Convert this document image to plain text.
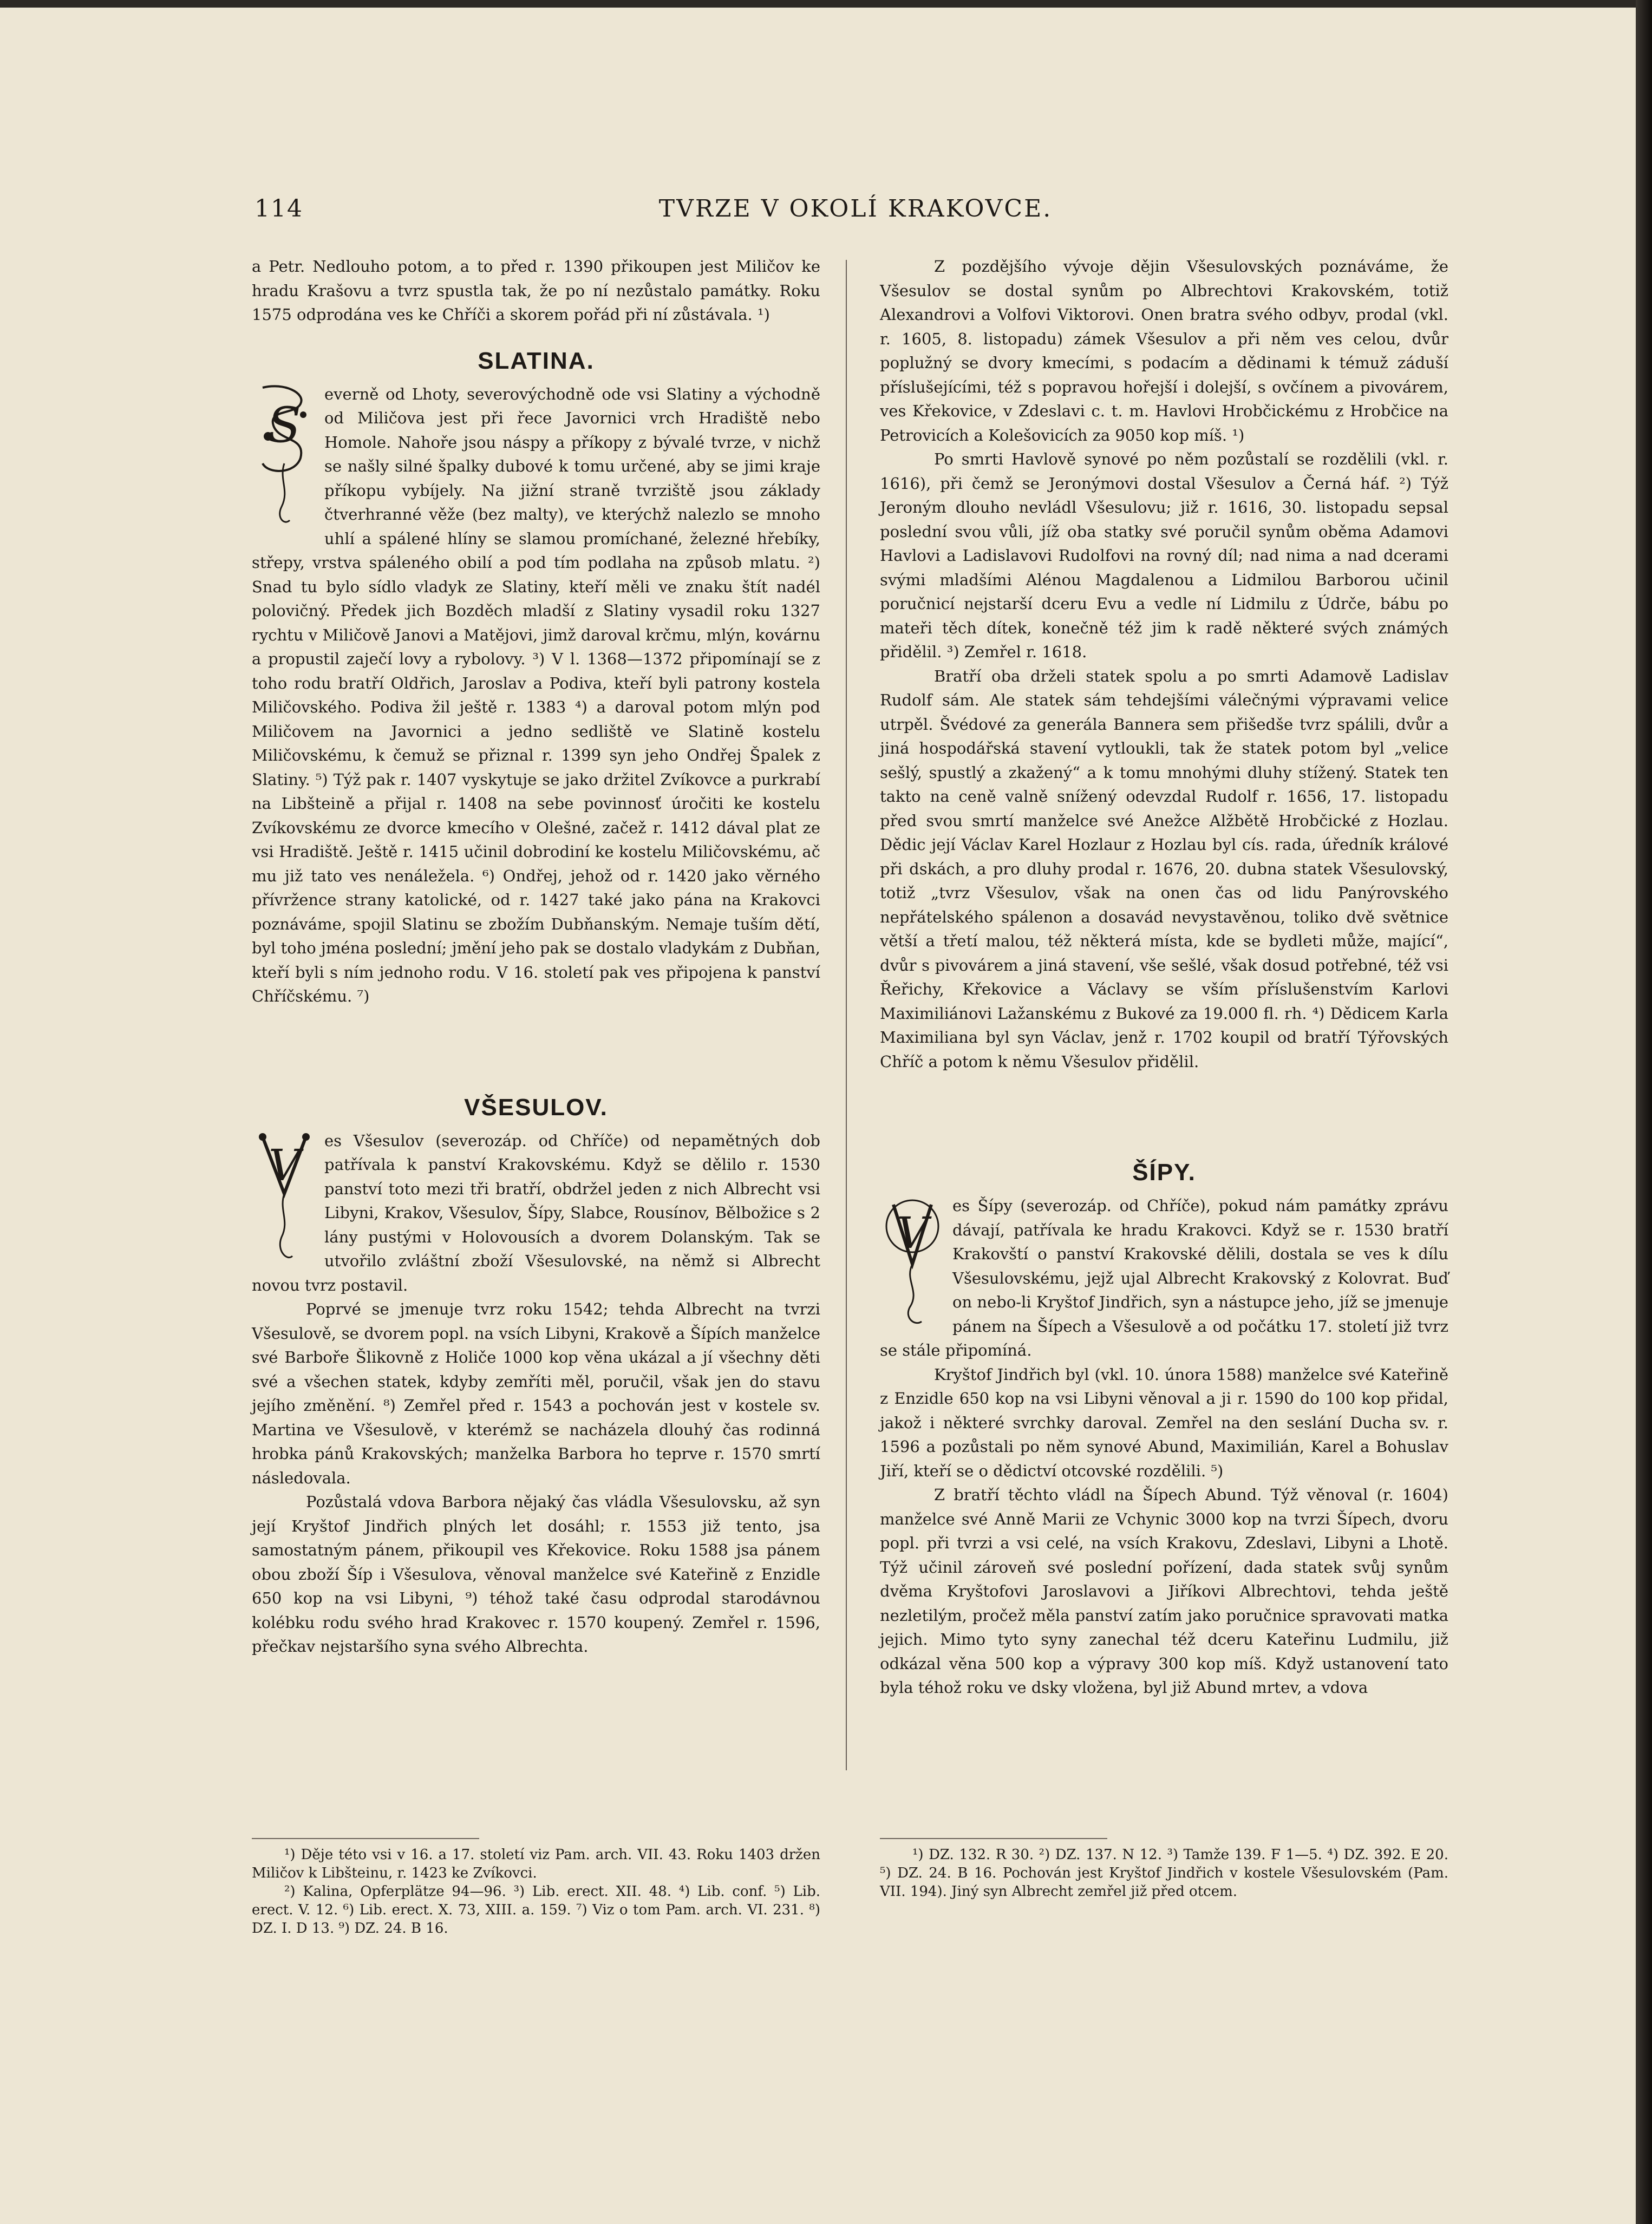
114	TVRZE V OKOLÍ KRAKOVCE.

a Petr. Nedlouho potom, a to před r. 1390 přikoupen jest Miličov ke hradu Krašovu a tvrz spustla tak, že po ní nezůstalo památky. Roku 1575 odprodána ves ke Chříči a skorem pořád při ní zůstávala. ¹)

SLATINA.
S

everně od Lhoty, severovýchodně ode vsi Slatiny a východně od Miličova jest při řece Javornici vrch Hradiště nebo Homole. Nahoře jsou náspy a příkopy z bývalé tvrze, v nichž se našly silné špalky dubové k tomu určené, aby se jimi kraje příkopu vybíjely. Na jižní straně tvrziště jsou základy čtverhranné věže (bez malty), ve kterýchž nalezlo se mnoho uhlí a spálené hlíny se slamou promíchané, železné hřebíky, střepy, vrstva spáleného obilí a pod tím podlaha na způsob mlatu. ²) Snad tu bylo sídlo vladyk ze Slatiny, kteří měli ve znaku štít nadél polovičný. Předek jich Bozděch mladší z Slatiny vysadil roku 1327 rychtu v Miličově Janovi a Matějovi, jimž daroval krčmu, mlýn, kovárnu a propustil zaječí lovy a rybolovy. ³) V l. 1368—1372 připomínají se z toho rodu bratří Oldřich, Jaroslav a Podiva, kteří byli patrony kostela Miličovského. Podiva žil ještě r. 1383 ⁴) a daroval potom mlýn pod Miličovem na Javornici a jedno sedliště ve Slatině kostelu Miličovskému, k čemuž se přiznal r. 1399 syn jeho Ondřej Špalek z Slatiny. ⁵) Týž pak r. 1407 vyskytuje se jako držitel Zvíkovce a purkrabí na Libšteině a přijal r. 1408 na sebe povinnosť úročiti ke kostelu Zvíkovskému ze dvorce kmecího v Olešné, začež r. 1412 dával plat ze vsi Hradiště. Ještě r. 1415 učinil dobrodiní ke kostelu Miličovskému, ač mu již tato ves nenáležela. ⁶) Ondřej, jehož od r. 1420 jako věrného přívržence strany katolické, od r. 1427 také jako pána na Krakovci poznáváme, spojil Slatinu se zbožím Dubňanským. Nemaje tuším dětí, byl toho jména poslední; jmění jeho pak se dostalo vladykám z Dubňan, kteří byli s ním jednoho rodu. V 16. století pak ves připojena k panství Chříčskému. ⁷)

VŠESULOV.
V	es Všesulov (severozáp. od Chříče) od nepamětných dob patřívala k panství Krakovskému. Když se dělilo r. 1530 panství toto mezi tři bratří, obdržel jeden z nich Albrecht vsi Libyni, Krakov, Všesulov, Šípy, Slabce, Rousínov, Bělbožice s 2 lány pustými v Holovousích a dvorem Dolanským. Tak se utvořilo zvláštní zboží Všesulovské, na němž si Albrecht novou tvrz postavil.

Poprvé se jmenuje tvrz roku 1542; tehda Albrecht na tvrzi Všesulově, se dvorem popl. na vsích Libyni, Krakově a Šípích manželce své Barboře Šlikovně z Holiče 1000 kop věna ukázal a jí všechny děti své a všechen statek, kdyby zemříti měl, poručil, však jen do stavu jejího změnění. ⁸) Zemřel před r. 1543 a pochován jest v kostele sv. Martina ve Všesulově, v kterémž se nacházela dlouhý čas rodinná hrobka pánů Krakovských; manželka Barbora ho teprve r. 1570 smrtí následovala.

Pozůstalá vdova Barbora nějaký čas vládla Všesulovsku, až syn její Kryštof Jindřich plných let dosáhl; r. 1553 již tento, jsa samostatným pánem, přikoupil ves Křekovice. Roku 1588 jsa pánem obou zboží Šíp i Všesulova, věnoval manželce své Kateřině z Enzidle 650 kop na vsi Libyni, ⁹) téhož také času odprodal starodávnou kolébku rodu svého hrad Krakovec r. 1570 koupený. Zemřel r. 1596, přečkav nejstaršího syna svého Albrechta.

Z pozdějšího vývoje dějin Všesulovských poznáváme, že Všesulov se dostal synům po Albrechtovi Krakovském, totiž Alexandrovi a Volfovi Viktorovi. Onen bratra svého odbyv, prodal (vkl. r. 1605, 8. listopadu) zámek Všesulov a při něm ves celou, dvůr poplužný se dvory kmecími, s podacím a dědinami k témuž záduší příslušejícími, též s popravou hořejší i dolejší, s ovčínem a pivovárem, ves Křekovice, v Zdeslavi c. t. m. Havlovi Hrobčickému z Hrobčice na Petrovicích a Kolešovicích za 9050 kop míš. ¹)

Po smrti Havlově synové po něm pozůstalí se rozdělili (vkl. r. 1616), při čemž se Jeronýmovi dostal Všesulov a Černá háf. ²) Týž Jeroným dlouho nevládl Všesulovu; již r. 1616, 30. listopadu sepsal poslední svou vůli, jíž oba statky své poručil synům oběma Adamovi Havlovi a Ladislavovi Rudolfovi na rovný díl; nad nima a nad dcerami svými mladšími Alénou Magdalenou a Lidmilou Barborou učinil poručnicí nejstarší dceru Evu a vedle ní Lidmilu z Údrče, bábu po mateři těch dítek, konečně též jim k radě některé svých známých přidělil. ³) Zemřel r. 1618.

Bratří oba drželi statek spolu a po smrti Adamově Ladislav Rudolf sám. Ale statek sám tehdejšími válečnými výpravami velice utrpěl. Švédové za generála Bannera sem přišedše tvrz spálili, dvůr a jiná hospodářská stavení vytloukli, tak že statek potom byl „velice sešlý, spustlý a zkažený“ a k tomu mnohými dluhy stížený. Statek ten takto na ceně valně snížený odevzdal Rudolf r. 1656, 17. listopadu před svou smrtí manželce své Anežce Alžbětě Hrobčické z Hozlau. Dědic její Václav Karel Hozlaur z Hozlau byl cís. rada, úředník králové při dskách, a pro dluhy prodal r. 1676, 20. dubna statek Všesulovský, totiž „tvrz Všesulov, však na onen čas od lidu Panýrovského nepřátelského spálenon a dosavád nevystavěnou, toliko dvě světnice větší a třetí malou, též některá místa, kde se bydleti může, mající“, dvůr s pivovárem a jiná stavení, vše sešlé, však dosud potřebné, též vsi Řeřichy, Křekovice a Václavy se vším příslušenstvím Karlovi Maximiliánovi Lažanskému z Bukové za 19.000 fl. rh. ⁴) Dědicem Karla Maximiliana byl syn Václav, jenž r. 1702 koupil od bratří Týřovských Chříč a potom k němu Všesulov přidělil.

ŠÍPY.
V

es Šípy (severozáp. od Chříče), pokud nám památky zprávu dávají, patřívala ke hradu Krakovci. Když se r. 1530 bratří Krakovští o panství Krakovské dělili, dostala se ves k dílu Všesulovskému, jejž ujal Albrecht Krakovský z Kolovrat. Buď on nebo-li Kryštof Jindřich, syn a nástupce jeho, jíž se jmenuje pánem na Šípech a Všesulově a od počátku 17. století již tvrz se stále připomíná.

Kryštof Jindřich byl (vkl. 10. února 1588) manželce své Kateřině z Enzidle 650 kop na vsi Libyni věnoval a ji r. 1590 do 100 kop přidal, jakož i některé svrchky daroval. Zemřel na den seslání Ducha sv. r. 1596 a pozůstali po něm synové Abund, Maximilián, Karel a Bohuslav Jiří, kteří se o dědictví otcovské rozdělili. ⁵)

Z bratří těchto vládl na Šípech Abund. Týž věnoval (r. 1604) manželce své Anně Marii ze Vchynic 3000 kop na tvrzi Šípech, dvoru popl. při tvrzi a vsi celé, na vsích Krakovu, Zdeslavi, Libyni a Lhotě. Týž učinil zároveň své poslední pořízení, dada statek svůj synům dvěma Kryštofovi Jaroslavovi a Jiříkovi Albrechtovi, tehda ještě nezletilým, pročež měla panství zatím jako poručnice spravovati matka jejich. Mimo tyto syny zanechal též dceru Kateřinu Ludmilu, již odkázal věna 500 kop a výpravy 300 kop míš. Když ustanovení tato byla téhož roku ve dsky vložena, byl již Abund mrtev, a vdova

¹) Děje této vsi v 16. a 17. století viz Pam. arch. VII. 43. Roku 1403 držen Miličov k Libšteinu, r. 1423 ke Zvíkovci.

²) Kalina, Opferplätze 94—96. ³) Lib. erect. XII. 48. ⁴) Lib. conf. ⁵) Lib. erect. V. 12. ⁶) Lib. erect. X. 73, XIII. a. 159. ⁷) Viz o tom Pam. arch. VI. 231. ⁸) DZ. I. D 13. ⁹) DZ. 24. B 16.

¹) DZ. 132. R 30. ²) DZ. 137. N 12. ³) Tamže 139. F 1—5. ⁴) DZ. 392. E 20. ⁵) DZ. 24. B 16. Pochován jest Kryštof Jindřich v kostele Všesulovském (Pam. VII. 194). Jiný syn Albrecht zemřel již před otcem.
